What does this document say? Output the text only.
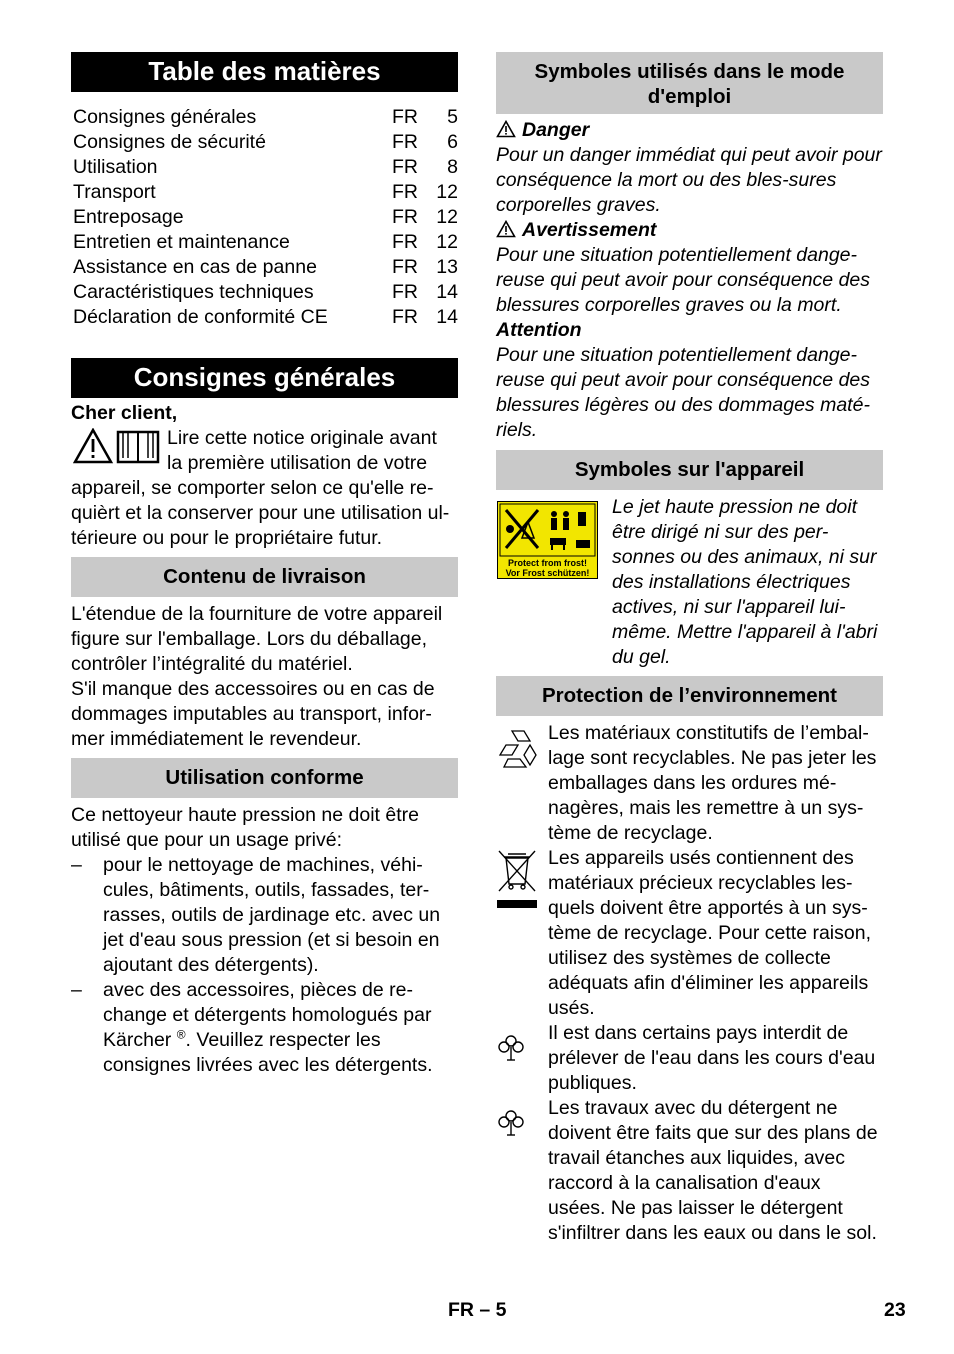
Table des matières
Consignes générales	FR	5
Consignes de sécurité	FR	6
Utilisation	FR	8
Transport	FR 12
Entreposage	FR 12
Entretien et maintenance	FR 12
Assistance en cas de panne	FR 13
Caractéristiques techniques	FR 14
Déclaration de conformité CE	FR 14
Consignes générales

Cher client,

Lire cette notice originale avant

la première utilisation de votre

appareil, se comporter selon ce qu'elle re-quièrt et la conserver pour une utilisation ul-térieure ou pour le propriétaire futur.

Contenu de livraison

L'étendue de la fourniture de votre appareil figure sur l'emballage. Lors du déballage, contrôler l’intégralité du matériel.

S'il manque des accessoires ou en cas de dommages imputables au transport, infor-mer immédiatement le revendeur.

Utilisation conforme

Ce nettoyeur haute pression ne doit être utilisé que pour un usage privé:

– pour le nettoyage de machines, véhi-cules, bâtiments, outils, fassades, ter-rasses, outils de jardinage etc. avec un jet d'eau sous pression (et si besoin en ajoutant des détergents).
– avec des accessoires, pièces de re-change et détergents homologués par Kärcher ®. Veuillez respecter les consignes livrées avec les détergents.
Symboles utilisés dans le mode d'emploi

Danger

Pour un danger immédiat qui peut avoir pour conséquence la mort ou des bles-sures corporelles graves.

Avertissement

Pour une situation potentiellement dange-reuse qui peut avoir pour conséquence des blessures corporelles graves ou la mort.

Attention

Pour une situation potentiellement dange-reuse qui peut avoir pour conséquence des blessures légères ou des dommages maté-riels.

Symboles sur l'appareil
Protect from frost!
Vor Frost schützen!

Le jet haute pression ne doit être dirigé ni sur des per-sonnes ou des animaux, ni sur des installations électriques actives, ni sur l'appareil lui-même. Mettre l'appareil à l'abri du gel.

Protection de l’environnement

Les matériaux constitutifs de l’embal-lage sont recyclables. Ne pas jeter les emballages dans les ordures mé-nagères, mais les remettre à un sys-tème de recyclage.

Les appareils usés contiennent des matériaux précieux recyclables les-quels doivent être apportés à un sys-tème de recyclage. Pour cette raison, utilisez des systèmes de collecte adéquats afin d'éliminer les appareils usés.

Il est dans certains pays interdit de prélever de l'eau dans les cours d'eau publiques.

Les travaux avec du détergent ne doivent être faits que sur des plans de travail étanches aux liquides, avec raccord à la canalisation d'eaux usées. Ne pas laisser le détergent s'infiltrer dans les eaux ou dans le sol.

FR – 5	23
